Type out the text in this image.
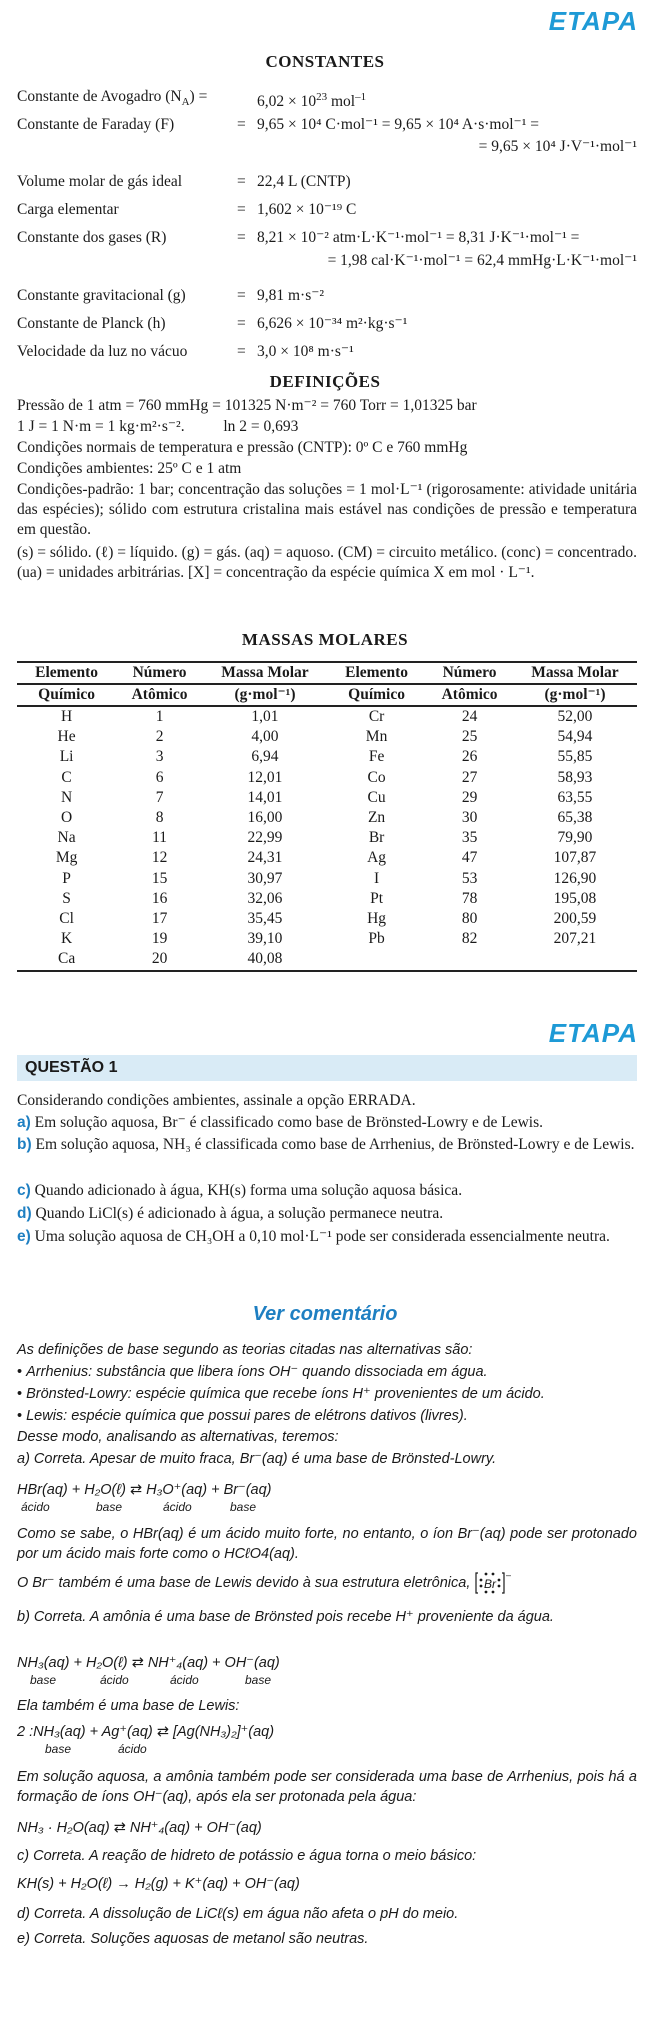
ETAPA
CONSTANTES
Constante de Avogadro $(N_A)$ =	$6,02 \times 10^{23}$ mol$^{-1}$
Constante de Faraday (F)	= 9,65 × 10⁴ C·mol⁻¹ = 9,65 × 10⁴ A·s·mol⁻¹ =
= 9,65 × 10⁴ J·V⁻¹·mol⁻¹
Volume molar de gás ideal	= 22,4 L (CNTP)
Carga elementar	= 1,602 × 10⁻¹⁹ C
Constante dos gases (R)	= 8,21 × 10⁻² atm·L·K⁻¹·mol⁻¹ = 8,31 J·K⁻¹·mol⁻¹ =
= 1,98 cal·K⁻¹·mol⁻¹ = 62,4 mmHg·L·K⁻¹·mol⁻¹
Constante gravitacional (g)	= 9,81 m·s⁻²
Constante de Planck (h)	= 6,626 × 10⁻³⁴ m²·kg·s⁻¹
Velocidade da luz no vácuo	= 3,0 × 10⁸ m·s⁻¹
DEFINIÇÕES
Pressão de 1 atm = 760 mmHg = 101325 N·m⁻² = 760 Torr = 1,01325 bar
1 J = 1 N·m = 1 kg·m²·s⁻².          ln 2 = 0,693
Condições normais de temperatura e pressão (CNTP): 0º C e 760 mmHg
Condições ambientes: 25º C e 1 atm
Condições-padrão: 1 bar; concentração das soluções = 1 mol·L⁻¹ (rigorosamente: atividade unitária das espécies); sólido com estrutura cristalina mais estável nas condições de pressão e temperatura em questão.
(s) = sólido. (ℓ) = líquido. (g) = gás. (aq) = aquoso. (CM) = circuito metálico. (conc) = concentrado. (ua) = unidades arbitrárias. [X] = concentração da espécie química X em mol · L⁻¹.
MASSAS MOLARES
Elemento	Número	Massa Molar	Elemento	Número	Massa Molar
Químico	Atômico	(g·mol⁻¹)	Químico	Atômico	(g·mol⁻¹)
H	1	1,01	Cr	24	52,00
He	2	4,00	Mn	25	54,94
Li	3	6,94	Fe	26	55,85
C	6	12,01	Co	27	58,93
N	7	14,01	Cu	29	63,55
O	8	16,00	Zn	30	65,38
Na	11	22,99	Br	35	79,90
Mg	12	24,31	Ag	47	107,87
P	15	30,97	I	53	126,90
S	16	32,06	Pt	78	195,08
Cl	17	35,45	Hg	80	200,59
K	19	39,10	Pb	82	207,21
Ca	20	40,08			
ETAPA
QUESTÃO 1
Considerando condições ambientes, assinale a opção ERRADA.
a) Em solução aquosa, Br⁻ é classificado como base de Brönsted-Lowry e de Lewis.
b) Em solução aquosa, NH₃ é classificada como base de Arrhenius, de Brönsted-Lowry e de Lewis.
c) Quando adicionado à água, KH(s) forma uma solução aquosa básica.
d) Quando LiCl(s) é adicionado à água, a solução permanece neutra.
e) Uma solução aquosa de CH₃OH a 0,10 mol·L⁻¹ pode ser considerada essencialmente neutra.
Ver comentário
As definições de base segundo as teorias citadas nas alternativas são:
• Arrhenius: substância que libera íons OH⁻ quando dissociada em água.
• Brönsted-Lowry: espécie química que recebe íons H⁺ provenientes de um ácido.
• Lewis: espécie química que possui pares de elétrons dativos (livres).
Desse modo, analisando as alternativas, teremos:
a) Correta. Apesar de muito fraca, Br⁻(aq) é uma base de Brönsted-Lowry.
HBr(aq) + H₂O(ℓ) ⇄ H₃O⁺(aq) + Br⁻(aq)
ácido	base	ácido	base
Como se sabe, o HBr(aq) é um ácido muito forte, no entanto, o íon Br⁻(aq) pode ser protonado por um ácido mais forte como o HCℓO4(aq).
O Br⁻ também é uma base de Lewis devido à sua estrutura eletrônica, Br
–
b) Correta. A amônia é uma base de Brönsted pois recebe H⁺ proveniente da água.
NH₃(aq) + H₂O(ℓ) ⇄ NH⁺₄(aq) + OH⁻(aq)
base	ácido	ácido	base
Ela também é uma base de Lewis:
2 :NH₃(aq) + Ag⁺(aq) ⇄ [Ag(NH₃)₂]⁺(aq)
base	ácido
Em solução aquosa, a amônia também pode ser considerada uma base de Arrhenius, pois há a formação de íons OH⁻(aq), após ela ser protonada pela água:
NH₃ · H₂O(aq) ⇄ NH⁺₄(aq) + OH⁻(aq)
c) Correta. A reação de hidreto de potássio e água torna o meio básico:
KH(s) + H₂O(ℓ) → H₂(g) + K⁺(aq) + OH⁻(aq)
d) Correta. A dissolução de LiCℓ(s) em água não afeta o pH do meio.
e) Correta. Soluções aquosas de metanol são neutras.
